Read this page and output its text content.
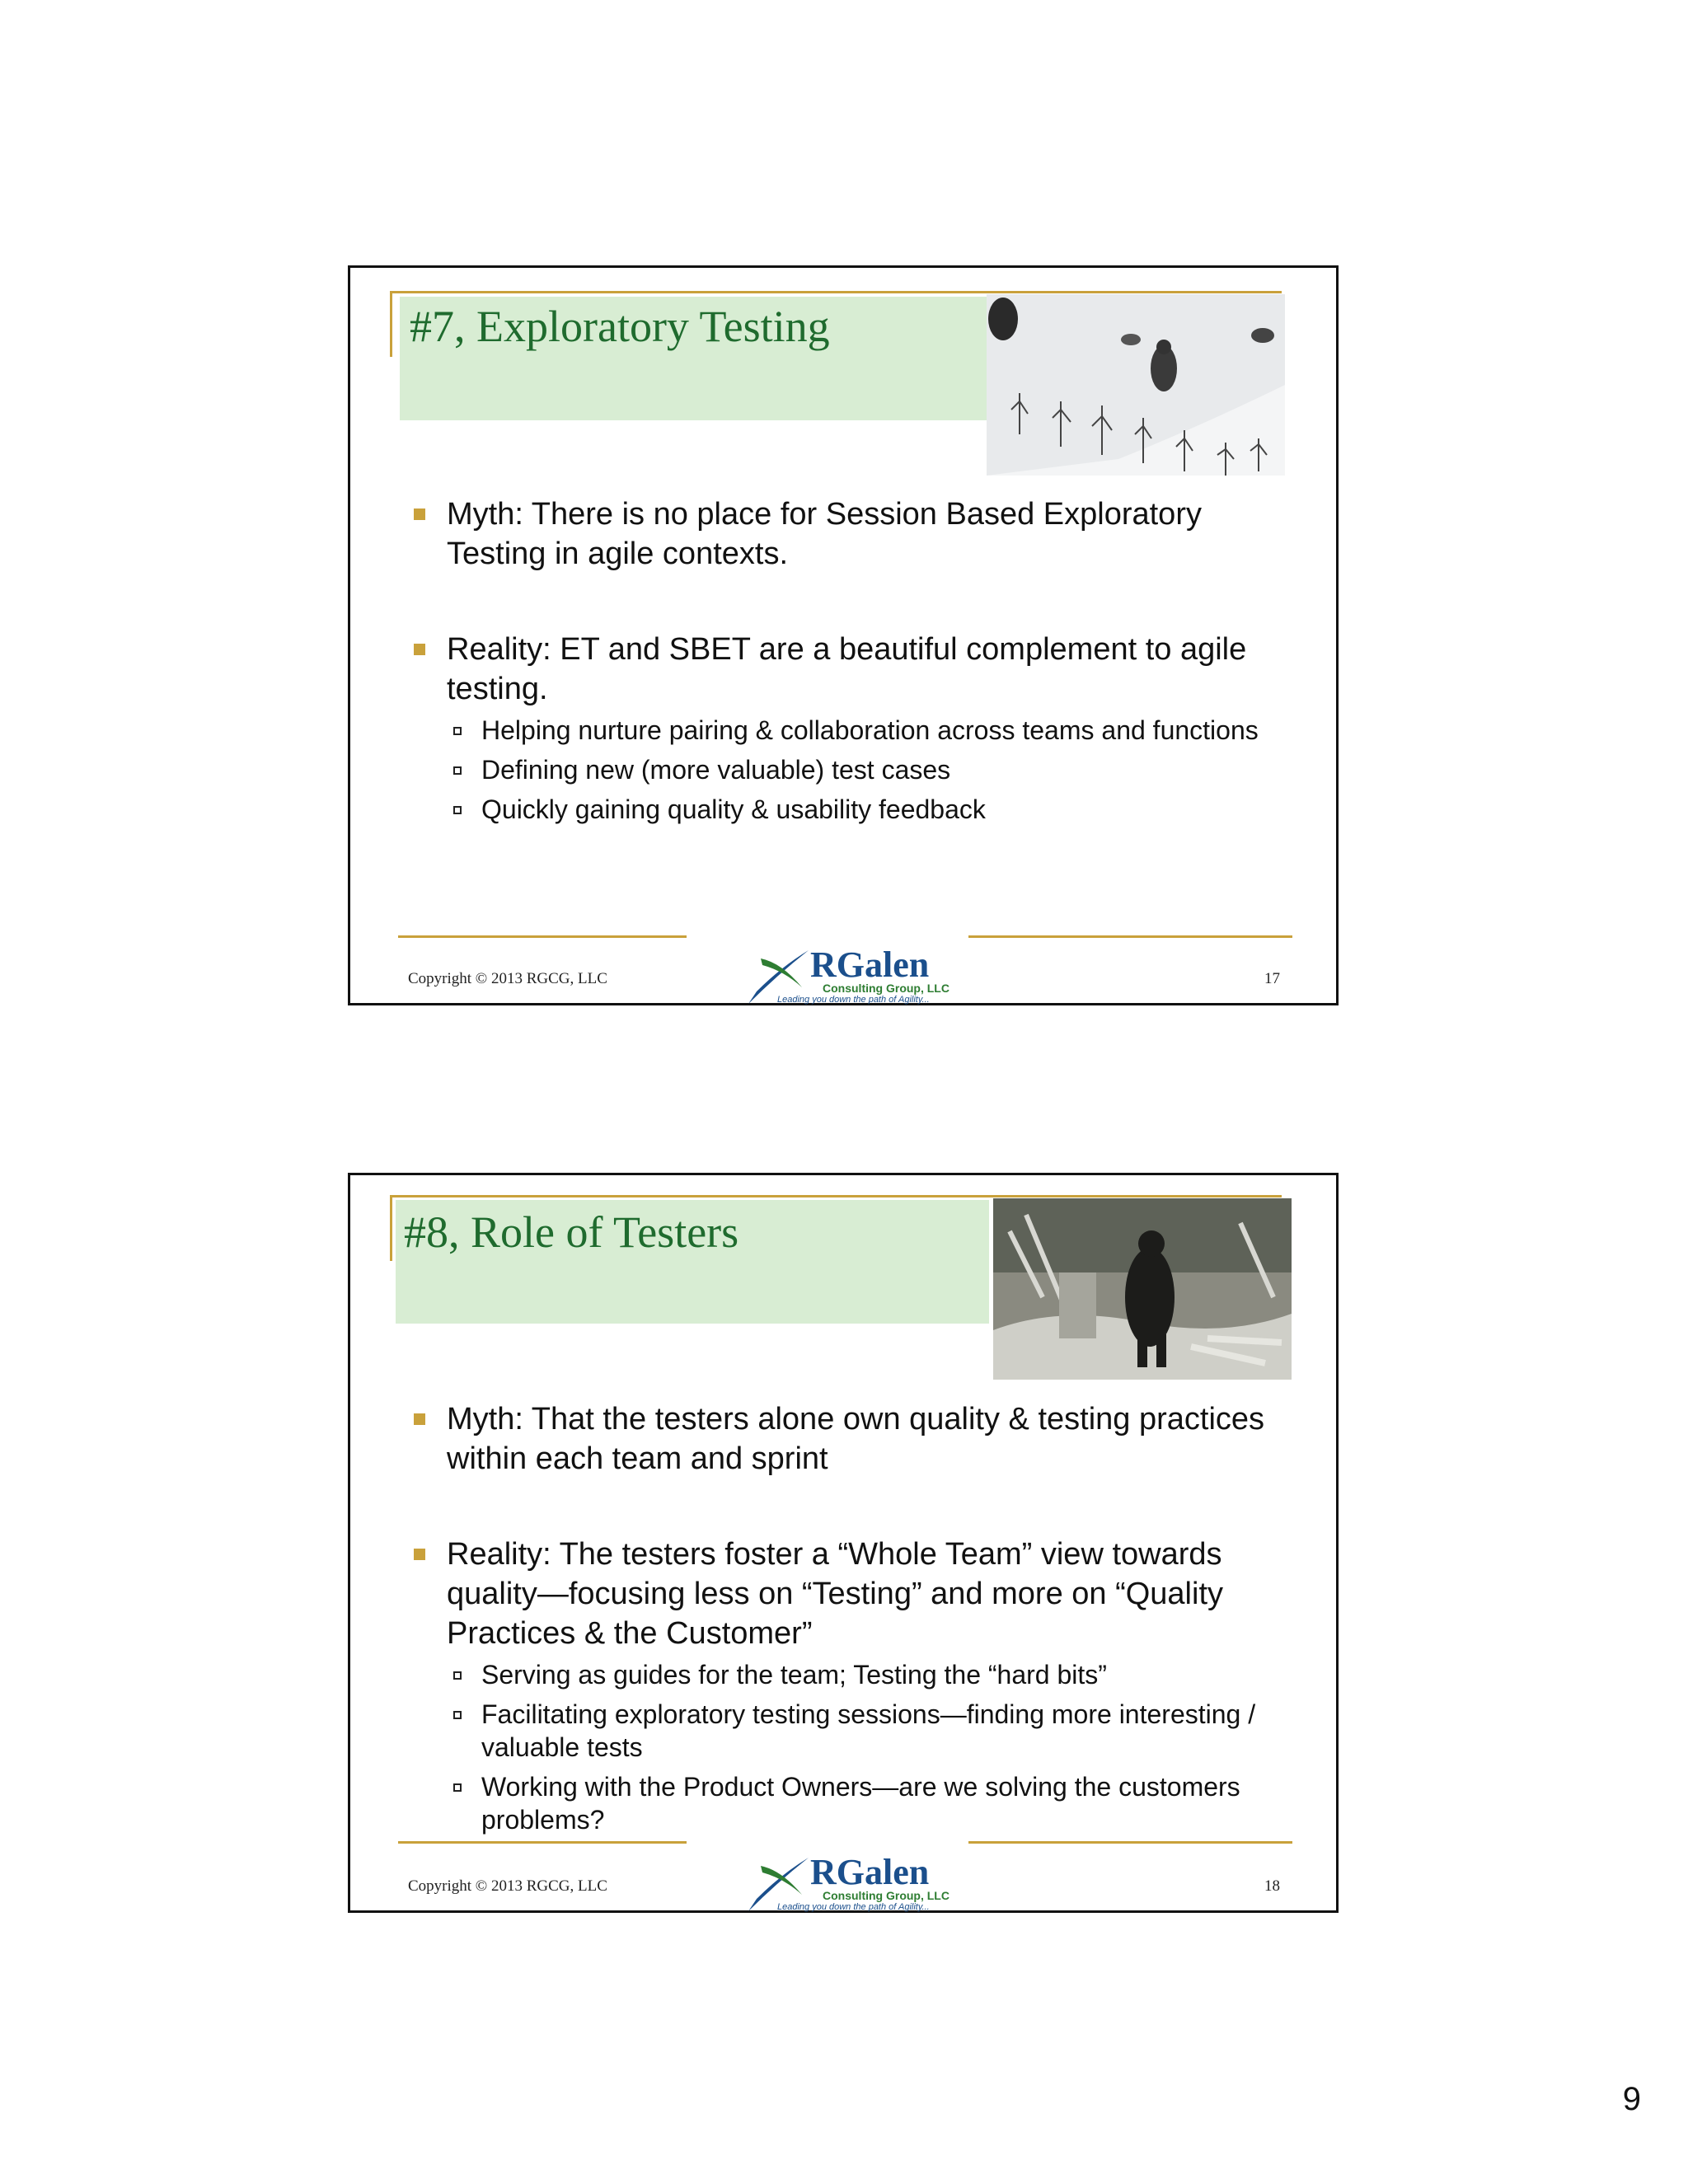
#7, Exploratory Testing
Myth: There is no place for Session Based Exploratory Testing in agile contexts.
Reality: ET and SBET are a beautiful complement to agile testing.
Helping nurture pairing & collaboration across teams and functions
Defining new (more valuable) test cases
Quickly gaining quality & usability feedback
Copyright © 2013 RGCG, LLC	RGalen
Consulting Group, LLC
Leading you down the path of Agility...
17
#8, Role of Testers
Myth: That the testers alone own quality & testing practices within each team and sprint
Reality: The testers foster a “Whole Team” view towards quality—focusing less on “Testing” and more on “Quality Practices & the Customer”
Serving as guides for the team; Testing the “hard bits”
Facilitating exploratory testing sessions—finding more interesting / valuable tests
Working with the Product Owners—are we solving the customers problems?
Copyright © 2013 RGCG, LLC	RGalen
Consulting Group, LLC
Leading you down the path of Agility...
18
9
